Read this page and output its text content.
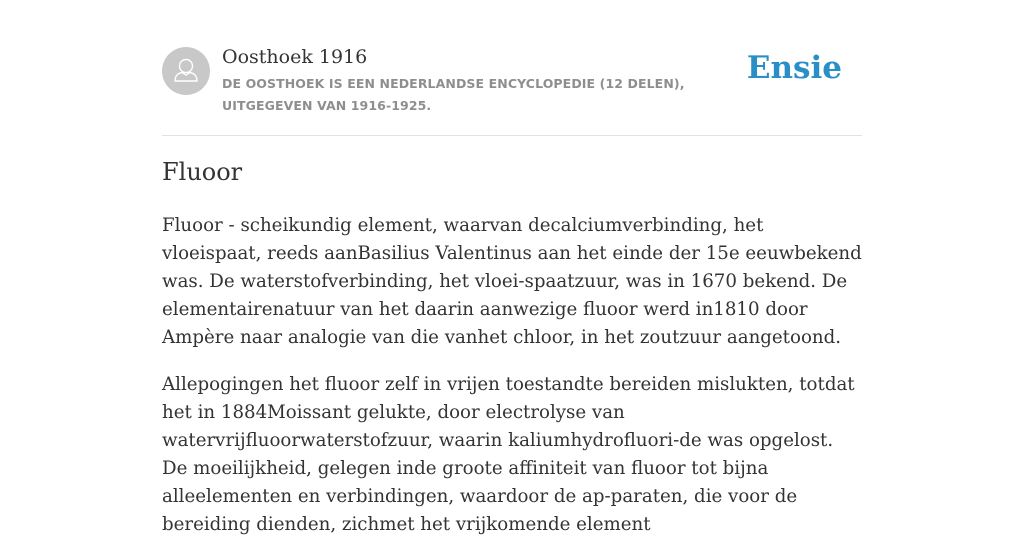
Oosthoek 1916
DE OOSTHOEK IS EEN NEDERLANDSE ENCYCLOPEDIE (12 DELEN), UITGEGEVEN VAN 1916-1925.
Ensie
Fluoor

Fluoor - scheikundig element, waarvan decalciumverbinding, het vloeispaat, reeds aanBasilius Valentinus aan het einde der 15e eeuwbekend was. De waterstofverbinding, het vloei-spaatzuur, was in 1670 bekend. De elementairenatuur van het daarin aanwezige fluoor werd in1810 door Ampère naar analogie van die vanhet chloor, in het zoutzuur aangetoond.

Allepogingen het fluoor zelf in vrijen toestandte bereiden mislukten, totdat het in 1884Moissant gelukte, door electrolyse van watervrijfluoorwaterstofzuur, waarin kaliumhydrofluori-de was opgelost. De moeilijkheid, gelegen inde groote affiniteit van fluoor tot bijna alleelementen en verbindingen, waardoor de ap-paraten, die voor de bereiding dienden, zichmet het vrijkomende element
